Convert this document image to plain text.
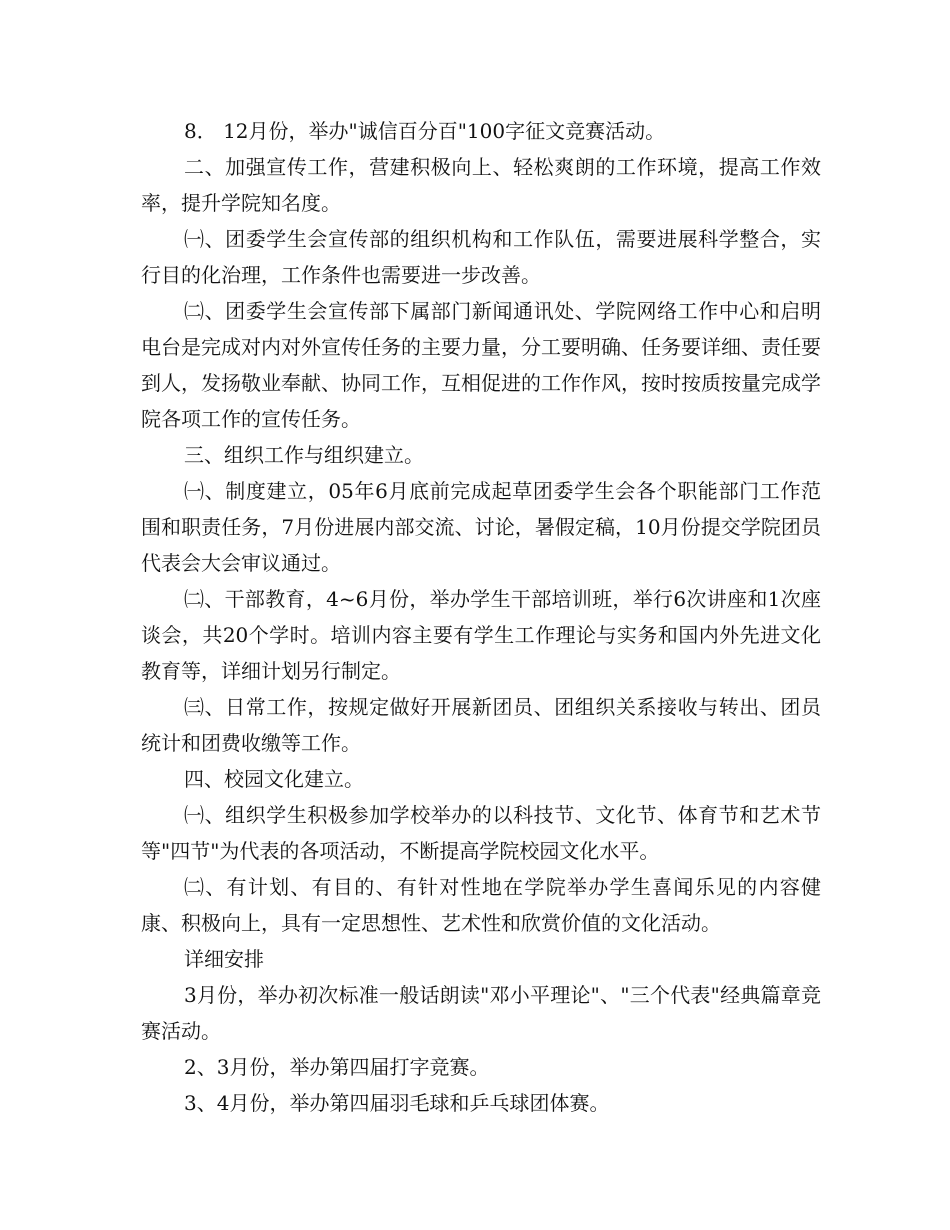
8． 12月份，举办"诚信百分百"100字征文竞赛活动。

二、加强宣传工作，营建积极向上、轻松爽朗的工作环境，提高工作效率，提升学院知名度。

㈠、团委学生会宣传部的组织机构和工作队伍，需要进展科学整合，实行目的化治理，工作条件也需要进一步改善。

㈡、团委学生会宣传部下属部门新闻通讯处、学院网络工作中心和启明电台是完成对内对外宣传任务的主要力量，分工要明确、任务要详细、责任要到人，发扬敬业奉献、协同工作，互相促进的工作作风，按时按质按量完成学院各项工作的宣传任务。

三、组织工作与组织建立。

㈠、制度建立，05年6月底前完成起草团委学生会各个职能部门工作范围和职责任务，7月份进展内部交流、讨论，暑假定稿，10月份提交学院团员代表会大会审议通过。

㈡、干部教育，4~6月份，举办学生干部培训班，举行6次讲座和1次座谈会，共20个学时。培训内容主要有学生工作理论与实务和国内外先进文化教育等，详细计划另行制定。

㈢、日常工作，按规定做好开展新团员、团组织关系接收与转出、团员统计和团费收缴等工作。

四、校园文化建立。

㈠、组织学生积极参加学校举办的以科技节、文化节、体育节和艺术节等"四节"为代表的各项活动，不断提高学院校园文化水平。

㈡、有计划、有目的、有针对性地在学院举办学生喜闻乐见的内容健康、积极向上，具有一定思想性、艺术性和欣赏价值的文化活动。

详细安排

3月份，举办初次标准一般话朗读"邓小平理论"、"三个代表"经典篇章竞赛活动。

2、3月份，举办第四届打字竞赛。

3、4月份，举办第四届羽毛球和乒乓球团体赛。
